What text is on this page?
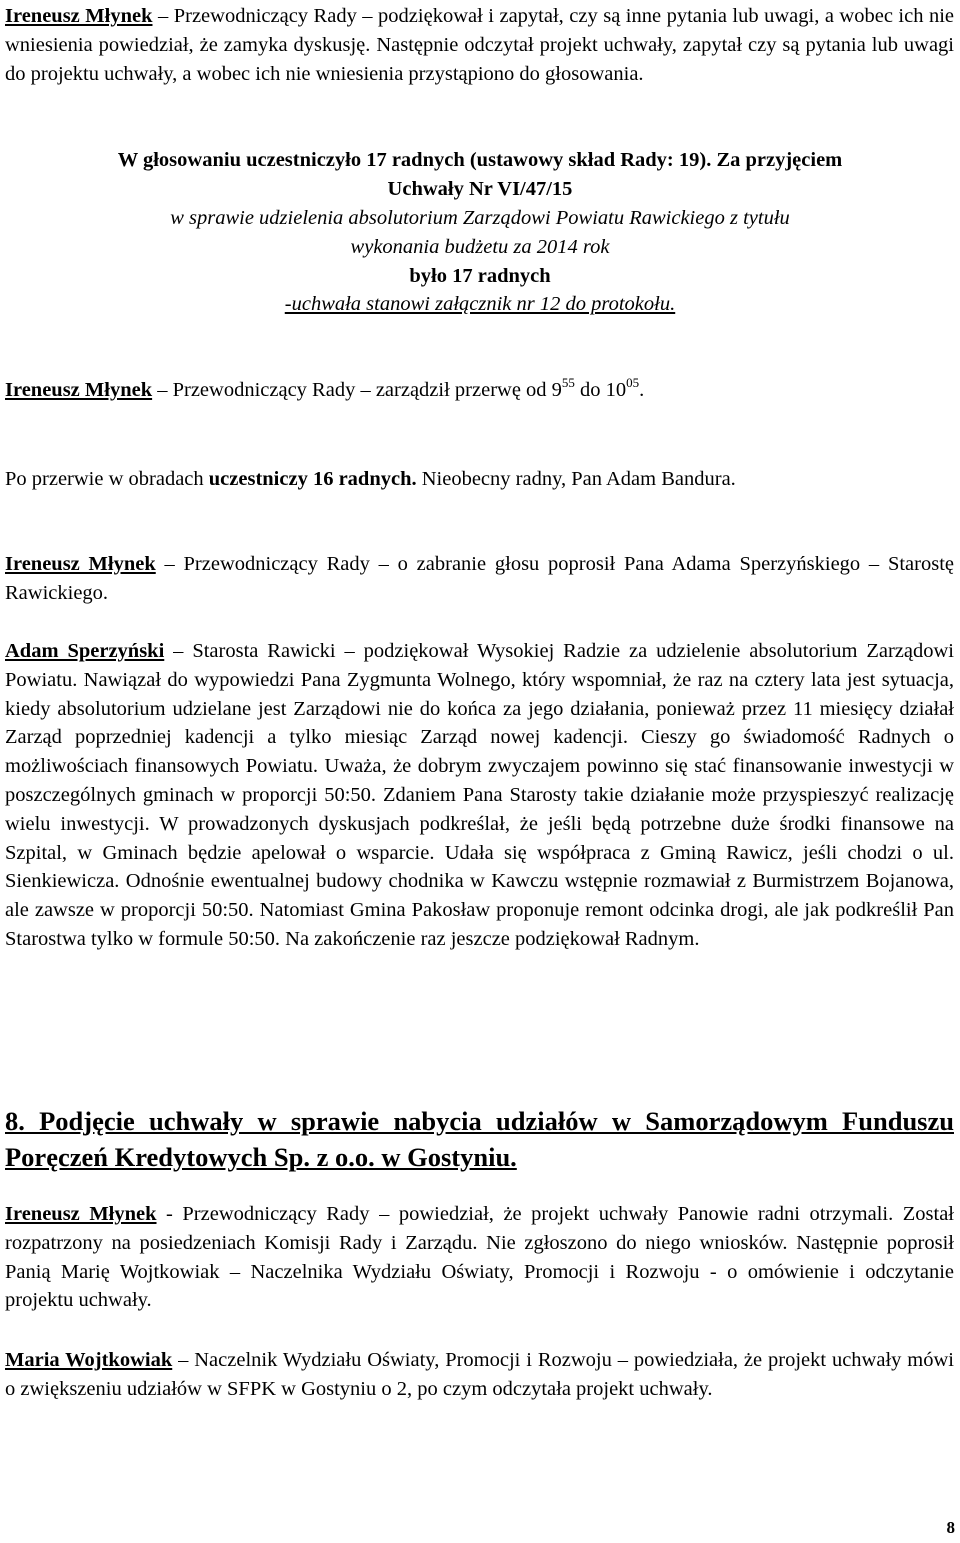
Ireneusz Młynek – Przewodniczący Rady – podziękował i zapytał, czy są inne pytania lub uwagi, a wobec ich nie wniesienia powiedział, że zamyka dyskusję. Następnie odczytał projekt uchwały, zapytał czy są pytania lub uwagi do projektu uchwały, a wobec ich nie wniesienia przystąpiono do głosowania.
W głosowaniu uczestniczyło 17 radnych (ustawowy skład Rady: 19). Za przyjęciem
Uchwały Nr VI/47/15
w sprawie udzielenia absolutorium Zarządowi Powiatu Rawickiego z tytułu
wykonania budżetu za 2014 rok
było 17 radnych
-uchwała stanowi załącznik nr 12 do protokołu.
Ireneusz Młynek – Przewodniczący Rady – zarządził przerwę od $9^{55}$ do $10^{05}$.
Po przerwie w obradach uczestniczy 16 radnych. Nieobecny radny, Pan Adam Bandura.
Ireneusz Młynek – Przewodniczący Rady – o zabranie głosu poprosił Pana Adama Sperzyńskiego – Starostę Rawickiego.
Adam Sperzyński – Starosta Rawicki – podziękował Wysokiej Radzie za udzielenie absolutorium Zarządowi Powiatu. Nawiązał do wypowiedzi Pana Zygmunta Wolnego, który wspomniał, że raz na cztery lata jest sytuacja, kiedy absolutorium udzielane jest Zarządowi nie do końca za jego działania, ponieważ przez 11 miesięcy działał Zarząd poprzedniej kadencji a tylko miesiąc Zarząd nowej kadencji. Cieszy go świadomość Radnych o możliwościach finansowych Powiatu. Uważa, że dobrym zwyczajem powinno się stać finansowanie inwestycji w poszczególnych gminach w proporcji 50:50. Zdaniem Pana Starosty takie działanie może przyspieszyć realizację wielu inwestycji. W prowadzonych dyskusjach podkreślał, że jeśli będą potrzebne duże środki finansowe na Szpital, w Gminach będzie apelował o wsparcie. Udała się współpraca z Gminą Rawicz, jeśli chodzi o ul. Sienkiewicza. Odnośnie ewentualnej budowy chodnika w Kawczu wstępnie rozmawiał z Burmistrzem Bojanowa, ale zawsze w proporcji 50:50. Natomiast Gmina Pakosław proponuje remont odcinka drogi, ale jak podkreślił Pan Starostwa tylko w formule 50:50. Na zakończenie raz jeszcze podziękował Radnym.
8. Podjęcie uchwały w sprawie nabycia udziałów w Samorządowym Funduszu Poręczeń Kredytowych Sp. z o.o. w Gostyniu.
Ireneusz Młynek - Przewodniczący Rady – powiedział, że projekt uchwały Panowie radni otrzymali. Został rozpatrzony na posiedzeniach Komisji Rady i Zarządu. Nie zgłoszono do niego wniosków. Następnie poprosił Panią Marię Wojtkowiak – Naczelnika Wydziału Oświaty, Promocji i Rozwoju - o omówienie i odczytanie projektu uchwały.
Maria Wojtkowiak – Naczelnik Wydziału Oświaty, Promocji i Rozwoju – powiedziała, że projekt uchwały mówi o zwiększeniu udziałów w SFPK w Gostyniu o 2, po czym odczytała projekt uchwały.
8
